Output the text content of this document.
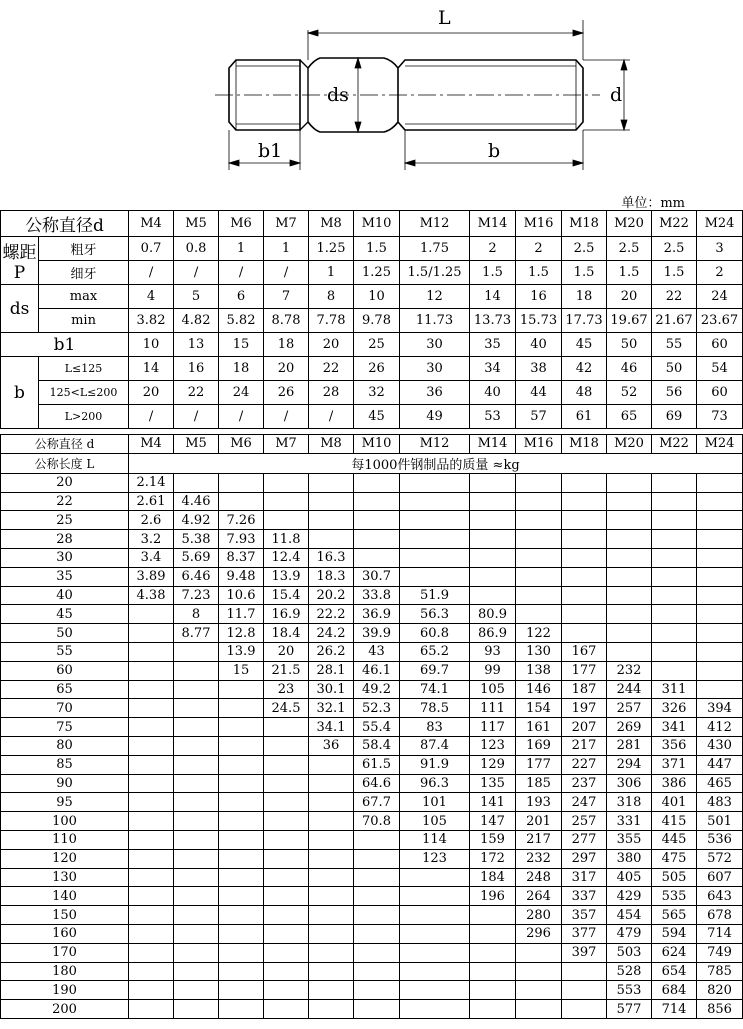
L
d
ds
b1	b
单位：mm
公称直径d		M4	M5	M6	M7	M8	M10	M12	M14	M16	M18	M20	M22	M24

螺距
P	粗牙	0.7	0.8	1	1	1.25	1.5	1.75	2	2	2.5	2.5	2.5	3
	细牙	/	/	/	/	1	1.25	1.5/1.25	1.5	1.5	1.5	1.5	1.5	2
ds	max	4	5	6	7	8	10	12	14	16	18	20	22	24
	min	3.82	4.82	5.82	8.78	7.78	9.78	11.73	13.73	15.73	17.73	19.67	21.67	23.67
b1		10	13	15	18	20	25	30	35	40	45	50	55	60
b	L≤125	14	16	18	20	22	26	30	34	38	42	46	50	54
	125<L≤200	20	22	24	26	28	32	36	40	44	48	52	56	60
	L>200	/	/	/	/	/	45	49	53	57	61	65	69	73
公称直径 d	M4	M5	M6	M7	M8	M10	M12	M14	M16	M18	M20	M22	M24
公称长度 L	每1000件钢制品的质量 ≈kg												
20	2.14												
22	2.61	4.46											
25	2.6	4.92	7.26										
28	3.2	5.38	7.93	11.8									
30	3.4	5.69	8.37	12.4	16.3								
35	3.89	6.46	9.48	13.9	18.3	30.7							
40	4.38	7.23	10.6	15.4	20.2	33.8	51.9						
45		8	11.7	16.9	22.2	36.9	56.3	80.9					
50		8.77	12.8	18.4	24.2	39.9	60.8	86.9	122				
55			13.9	20	26.2	43	65.2	93	130	167			
60			15	21.5	28.1	46.1	69.7	99	138	177	232		
65				23	30.1	49.2	74.1	105	146	187	244	311	
70				24.5	32.1	52.3	78.5	111	154	197	257	326	394
75					34.1	55.4	83	117	161	207	269	341	412
80					36	58.4	87.4	123	169	217	281	356	430
85						61.5	91.9	129	177	227	294	371	447
90						64.6	96.3	135	185	237	306	386	465
95						67.7	101	141	193	247	318	401	483
100						70.8	105	147	201	257	331	415	501
110							114	159	217	277	355	445	536
120							123	172	232	297	380	475	572
130								184	248	317	405	505	607
140								196	264	337	429	535	643
150									280	357	454	565	678
160									296	377	479	594	714
170										397	503	624	749
180											528	654	785
190											553	684	820
200											577	714	856
